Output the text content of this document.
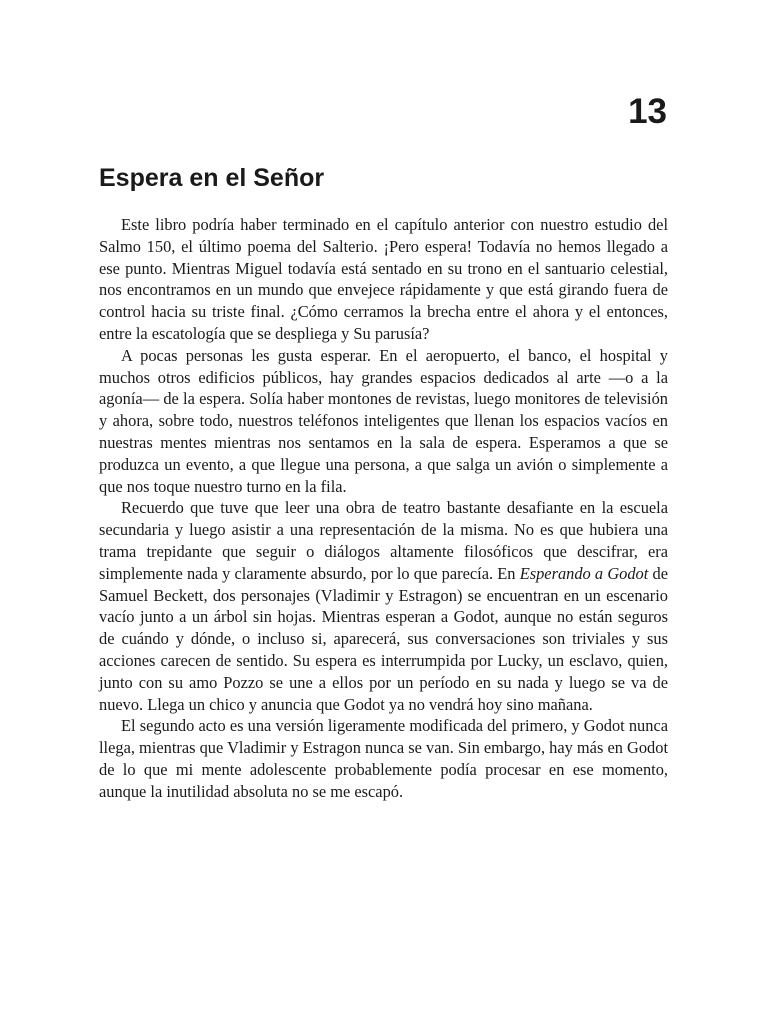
13
Espera en el Señor

Este libro podría haber terminado en el capítulo anterior con nuestro estudio del Salmo 150, el último poema del Salterio. ¡Pero espera! Todavía no hemos llegado a ese punto. Mientras Miguel todavía está sentado en su trono en el santuario celestial, nos encontramos en un mundo que envejece rápidamente y que está girando fuera de control hacia su triste final. ¿Cómo cerramos la brecha entre el ahora y el entonces, entre la escatología que se despliega y Su parusía?

A pocas personas les gusta esperar. En el aeropuerto, el banco, el hospital y muchos otros edificios públicos, hay grandes espacios dedicados al arte —o a la agonía— de la espera. Solía haber montones de revistas, luego monitores de televisión y ahora, sobre todo, nuestros teléfonos inteligentes que llenan los espacios vacíos en nuestras mentes mientras nos sentamos en la sala de espera. Esperamos a que se produzca un evento, a que llegue una persona, a que salga un avión o simplemente a que nos toque nuestro turno en la fila.

Recuerdo que tuve que leer una obra de teatro bastante desafiante en la escuela secundaria y luego asistir a una representación de la misma. No es que hubiera una trama trepidante que seguir o diálogos altamente filosóficos que descifrar, era simplemente nada y claramente absurdo, por lo que parecía. En Esperando a Godot de Samuel Beckett, dos personajes (Vladimir y Estragon) se encuentran en un escenario vacío junto a un árbol sin hojas. Mientras esperan a Godot, aunque no están seguros de cuándo y dónde, o incluso si, aparecerá, sus conversaciones son triviales y sus acciones carecen de sentido. Su espera es interrumpida por Lucky, un esclavo, quien, junto con su amo Pozzo se une a ellos por un período en su nada y luego se va de nuevo. Llega un chico y anuncia que Godot ya no vendrá hoy sino mañana.

El segundo acto es una versión ligeramente modificada del primero, y Godot nunca llega, mientras que Vladimir y Estragon nunca se van. Sin embargo, hay más en Godot de lo que mi mente adolescente probablemente podía procesar en ese momento, aunque la inutilidad absoluta no se me escapó.
